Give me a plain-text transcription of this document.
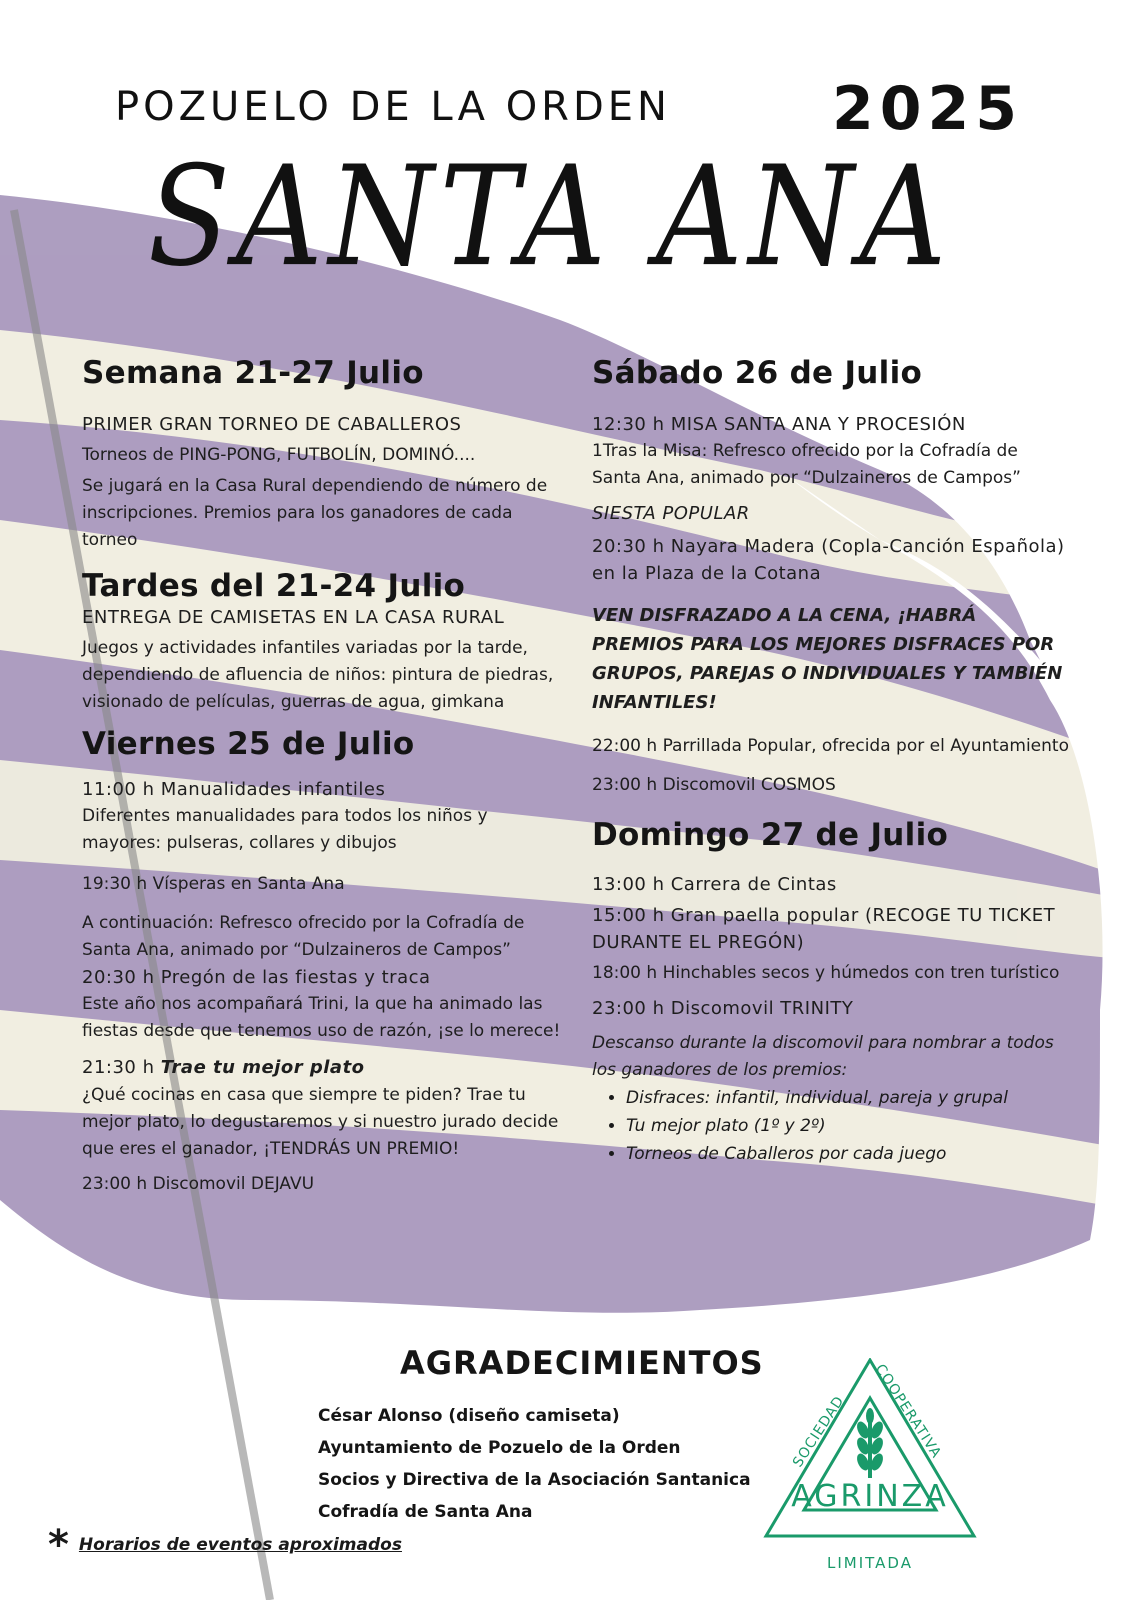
POZUELO DE LA ORDEN	2025
SANTA ANA
Semana 21-27 Julio

PRIMER GRAN TORNEO DE CABALLEROS

Torneos de PING-PONG, FUTBOLÍN, DOMINÓ....

Se jugará en la Casa Rural dependiendo de número de inscripciones. Premios para los ganadores de cada torneo

Tardes del 21-24 Julio

ENTREGA DE CAMISETAS EN LA CASA RURAL

Juegos y actividades infantiles variadas por la tarde, dependiendo de afluencia de niños: pintura de piedras, visionado de películas, guerras de agua, gimkana

Viernes 25 de Julio

11:00 h Manualidades infantiles

Diferentes manualidades para todos los niños y mayores: pulseras, collares y dibujos

19:30 h Vísperas en Santa Ana

A continuación: Refresco ofrecido por la Cofradía de Santa Ana, animado por “Dulzaineros de Campos”

20:30 h Pregón de las fiestas y traca

Este año nos acompañará Trini, la que ha animado las fiestas desde que tenemos uso de razón, ¡se lo merece!

21:30 h Trae tu mejor plato

¿Qué cocinas en casa que siempre te piden? Trae tu mejor plato, lo degustaremos y si nuestro jurado decide que eres el ganador, ¡TENDRÁS UN PREMIO!

23:00 h Discomovil DEJAVU

Sábado 26 de Julio

12:30 h MISA SANTA ANA Y PROCESIÓN

1Tras la Misa: Refresco ofrecido por la Cofradía de Santa Ana, animado por “Dulzaineros de Campos”

SIESTA POPULAR

20:30 h Nayara Madera (Copla-Canción Española) en la Plaza de la Cotana

VEN DISFRAZADO A LA CENA, ¡HABRÁ PREMIOS PARA LOS MEJORES DISFRACES POR GRUPOS, PAREJAS O INDIVIDUALES Y TAMBIÉN INFANTILES!

22:00 h Parrillada Popular, ofrecida por el Ayuntamiento

23:00 h Discomovil COSMOS

Domingo 27 de Julio

13:00 h Carrera de Cintas

15:00 h Gran paella popular (RECOGE TU TICKET DURANTE EL PREGÓN)

18:00 h Hinchables secos y húmedos con tren turístico

23:00 h Discomovil TRINITY

Descanso durante la discomovil para nombrar a todos los ganadores de los premios:

• Disfraces: infantil, individual, pareja y grupal
• Tu mejor plato (1º y 2º)
• Torneos de Caballeros por cada juego
AGRADECIMIENTOS
César Alonso (diseño camiseta)
Ayuntamiento de Pozuelo de la Orden
Socios y Directiva de la Asociación Santanica
Cofradía de Santa Ana
* Horarios de eventos aproximados
SOCIEDAD
COOPERATIVA
AGRINZA
LIMITADA
